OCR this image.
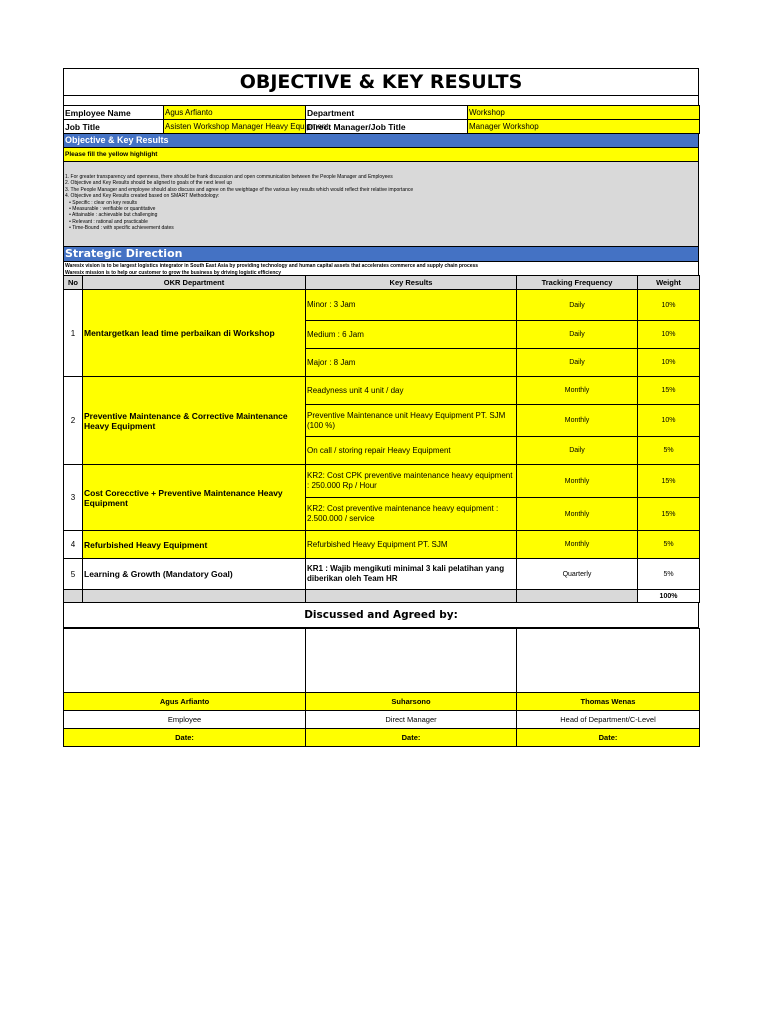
OBJECTIVE & KEY RESULTS
Employee Name	Agus Arfianto	Department	Workshop
Job Title	Asisten Workshop Manager Heavy Equipment	Direct Manager/Job Title	Manager Workshop
Objective & Key Results
Please fill the yellow highlight
1. For greater transparency and openness, there should be frank discussion and open communication between the People Manager and Employees
2. Objective and Key Results should be aligned to goals of the next level up
3. The People Manager and employee should also discuss and agree on the weightage of the various key results which would reflect their relative importance
4. Objective and Key Results created based on SMART Methodology:
• Specific : clear on key results
• Measurable : verifiable or quantitative
• Attainable : achievable but challenging
• Relevant : rational and practicable
• Time-Bound : with specific achievement dates
Strategic Direction
Waresix vision is to be largest logistics integrator in South East Asia by providing technology and human capital assets that accelerates commerce and supply chain process
Waresix mission is to help our customer to grow the business by driving logistic efficiency
No	OKR Department	Key Results	Tracking Frequency	Weight
1	Mentargetkan lead time perbaikan di Workshop	Minor : 3 Jam	Daily	10%
		Medium : 6 Jam	Daily	10%
		Major : 8 Jam	Daily	10%
2	Preventive Maintenance & Corrective Maintenance Heavy Equipment	Readyness unit 4 unit / day	Monthly	15%
		Preventive Maintenance unit Heavy Equipment PT. SJM (100 %)	Monthly	10%
		On call / storing repair Heavy Equipment	Daily	5%
3	Cost Corecctive + Preventive Maintenance Heavy Equipment	KR2: Cost CPK preventive maintenance heavy equipment : 250.000 Rp / Hour	Monthly	15%
		KR2: Cost preventive maintenance heavy equipment : 2.500.000 / service	Monthly	15%
4	Refurbished Heavy Equipment	Refurbished Heavy Equipment PT. SJM	Monthly	5%
5	Learning & Growth (Mandatory Goal)	KR1 : Wajib mengikuti minimal 3 kali pelatihan yang diberikan oleh Team HR	Quarterly	5%
				100%
Discussed and Agreed by:

Agus Arfianto	Suharsono	Thomas Wenas
Employee	Direct Manager	Head of Department/C-Level
Date:	Date:	Date:
